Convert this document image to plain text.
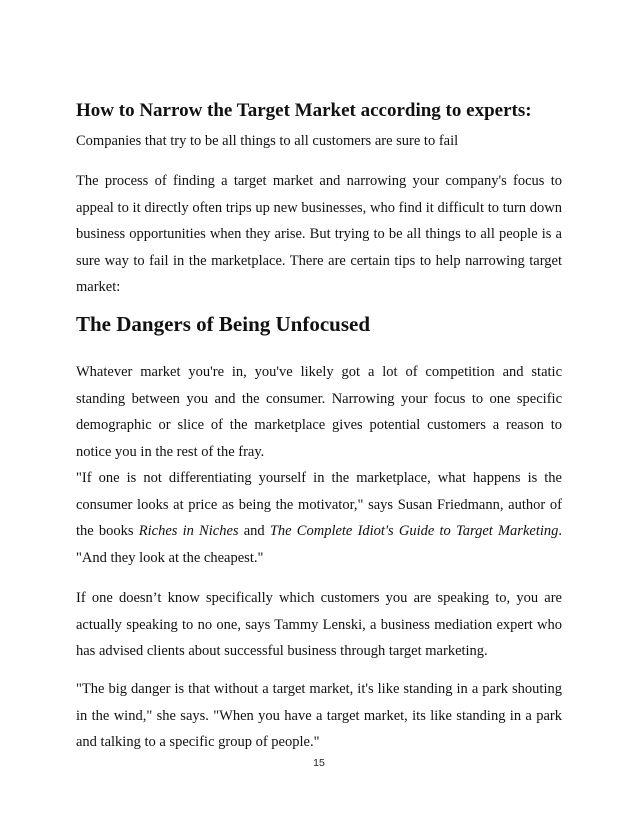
How to Narrow the Target Market according to experts:
Companies that try to be all things to all customers are sure to fail

The process of finding a target market and narrowing your company's focus to appeal to it directly often trips up new businesses, who find it difficult to turn down business opportunities when they arise. But trying to be all things to all people is a sure way to fail in the marketplace. There are certain tips to help narrowing target market:

The Dangers of Being Unfocused

Whatever market you're in, you've likely got a lot of competition and static standing between you and the consumer. Narrowing your focus to one specific demographic or slice of the marketplace gives potential customers a reason to notice you in the rest of the fray.

"If one is not differentiating yourself in the marketplace, what happens is the consumer looks at price as being the motivator," says Susan Friedmann, author of the books Riches in Niches and The Complete Idiot's Guide to Target Marketing. "And they look at the cheapest."

If one doesn’t know specifically which customers you are speaking to, you are actually speaking to no one, says Tammy Lenski, a business mediation expert who has advised clients about successful business through target marketing.

"The big danger is that without a target market, it's like standing in a park shouting in the wind," she says. "When you have a target market, its like standing in a park and talking to a specific group of people."

15
